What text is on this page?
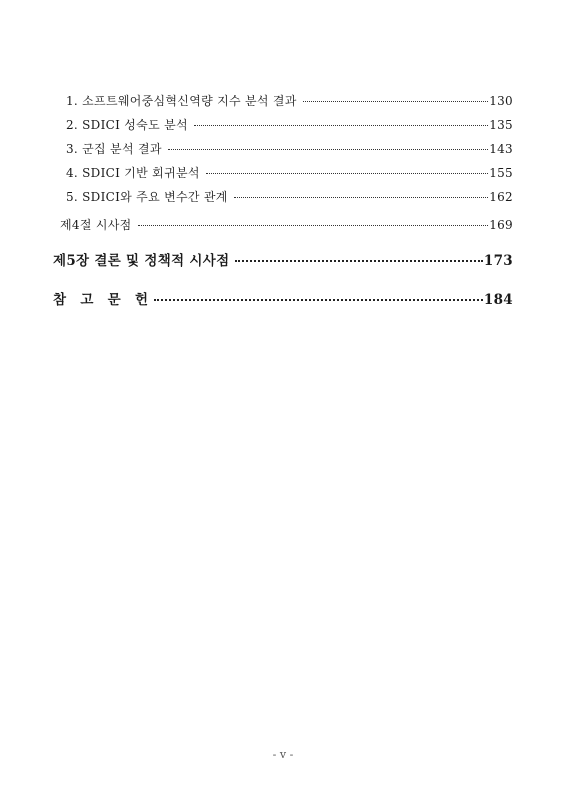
1. 소프트웨어중심혁신역량 지수 분석 결과	130
2. SDICI 성숙도 분석	135
3. 군집 분석 결과	143
4. SDICI 기반 회귀분석	155
5. SDICI와 주요 변수간 관계	162
제4절 시사점	169
제5장 결론 및 정책적 시사점	173
참 고 문 헌	184
- v -
